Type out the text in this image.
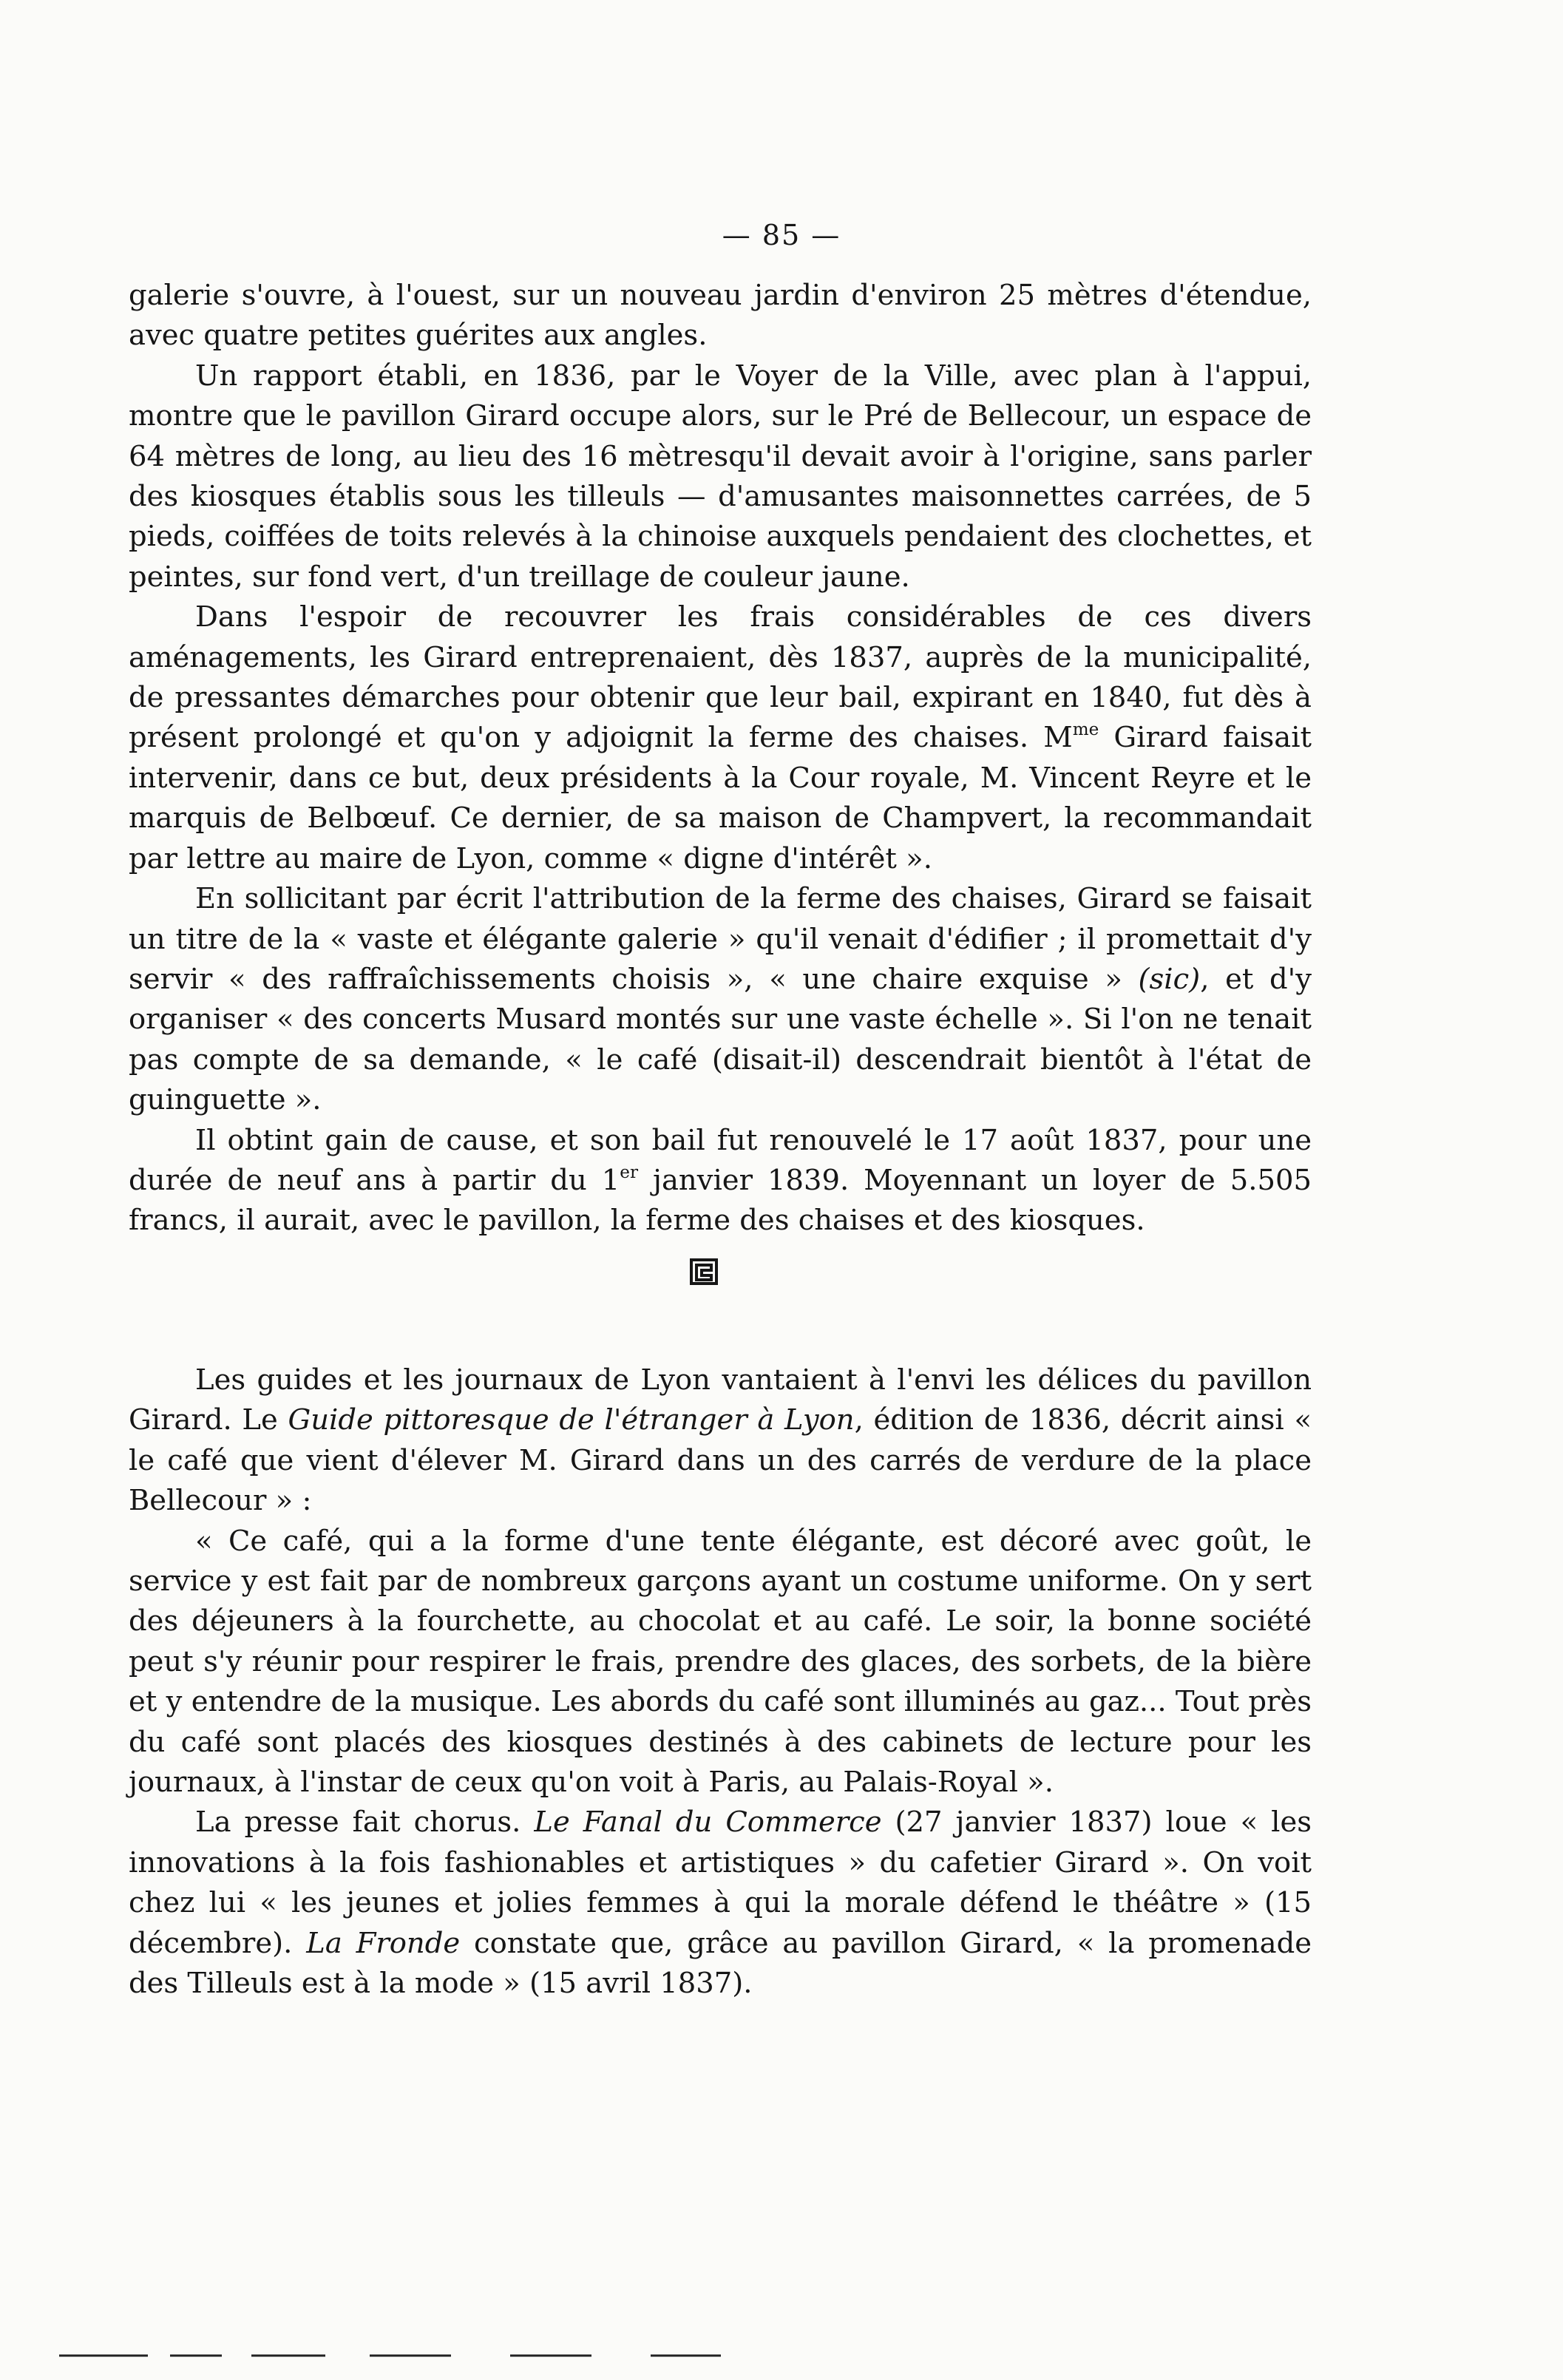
— 85 —

galerie s'ouvre, à l'ouest, sur un nouveau jardin d'environ 25 mètres d'étendue, avec quatre petites guérites aux angles.

Un rapport établi, en 1836, par le Voyer de la Ville, avec plan à l'appui, montre que le pavillon Girard occupe alors, sur le Pré de Bellecour, un espace de 64 mètres de long, au lieu des 16 mètresqu'il devait avoir à l'origine, sans parler des kiosques établis sous les tilleuls — d'amusantes maisonnettes carrées, de 5 pieds, coiffées de toits relevés à la chinoise auxquels pendaient des clochettes, et peintes, sur fond vert, d'un treillage de couleur jaune.

Dans l'espoir de recouvrer les frais considérables de ces divers aménagements, les Girard entreprenaient, dès 1837, auprès de la municipalité, de pressantes démarches pour obtenir que leur bail, expirant en 1840, fut dès à présent prolongé et qu'on y adjoignit la ferme des chaises. $M^{me}$ Girard faisait intervenir, dans ce but, deux présidents à la Cour royale, M. Vincent Reyre et le marquis de Belbœuf. Ce dernier, de sa maison de Champvert, la recommandait par lettre au maire de Lyon, comme « digne d'intérêt ».

En sollicitant par écrit l'attribution de la ferme des chaises, Girard se faisait un titre de la « vaste et élégante galerie » qu'il venait d'édifier ; il promettait d'y servir « des raffraîchissements choisis », « une chaire exquise » (sic), et d'y organiser « des concerts Musard montés sur une vaste échelle ». Si l'on ne tenait pas compte de sa demande, « le café (disait-il) descendrait bientôt à l'état de guinguette ».

Il obtint gain de cause, et son bail fut renouvelé le 17 août 1837, pour une durée de neuf ans à partir du 1er janvier 1839. Moyennant un loyer de 5.505 francs, il aurait, avec le pavillon, la ferme des chaises et des kiosques.

Les guides et les journaux de Lyon vantaient à l'envi les délices du pavillon Girard. Le Guide pittoresque de l'étranger à Lyon, édition de 1836, décrit ainsi « le café que vient d'élever M. Girard dans un des carrés de verdure de la place Bellecour » :

« Ce café, qui a la forme d'une tente élégante, est décoré avec goût, le service y est fait par de nombreux garçons ayant un costume uniforme. On y sert des déjeuners à la fourchette, au chocolat et au café. Le soir, la bonne société peut s'y réunir pour respirer le frais, prendre des glaces, des sorbets, de la bière et y entendre de la musique. Les abords du café sont illuminés au gaz... Tout près du café sont placés des kiosques destinés à des cabinets de lecture pour les journaux, à l'instar de ceux qu'on voit à Paris, au Palais-Royal ».

La presse fait chorus. Le Fanal du Commerce (27 janvier 1837) loue « les innovations à la fois fashionables et artistiques » du cafetier Girard ». On voit chez lui « les jeunes et jolies femmes à qui la morale défend le théâtre » (15 décembre). La Fronde constate que, grâce au pavillon Girard, « la promenade des Tilleuls est à la mode » (15 avril 1837).
